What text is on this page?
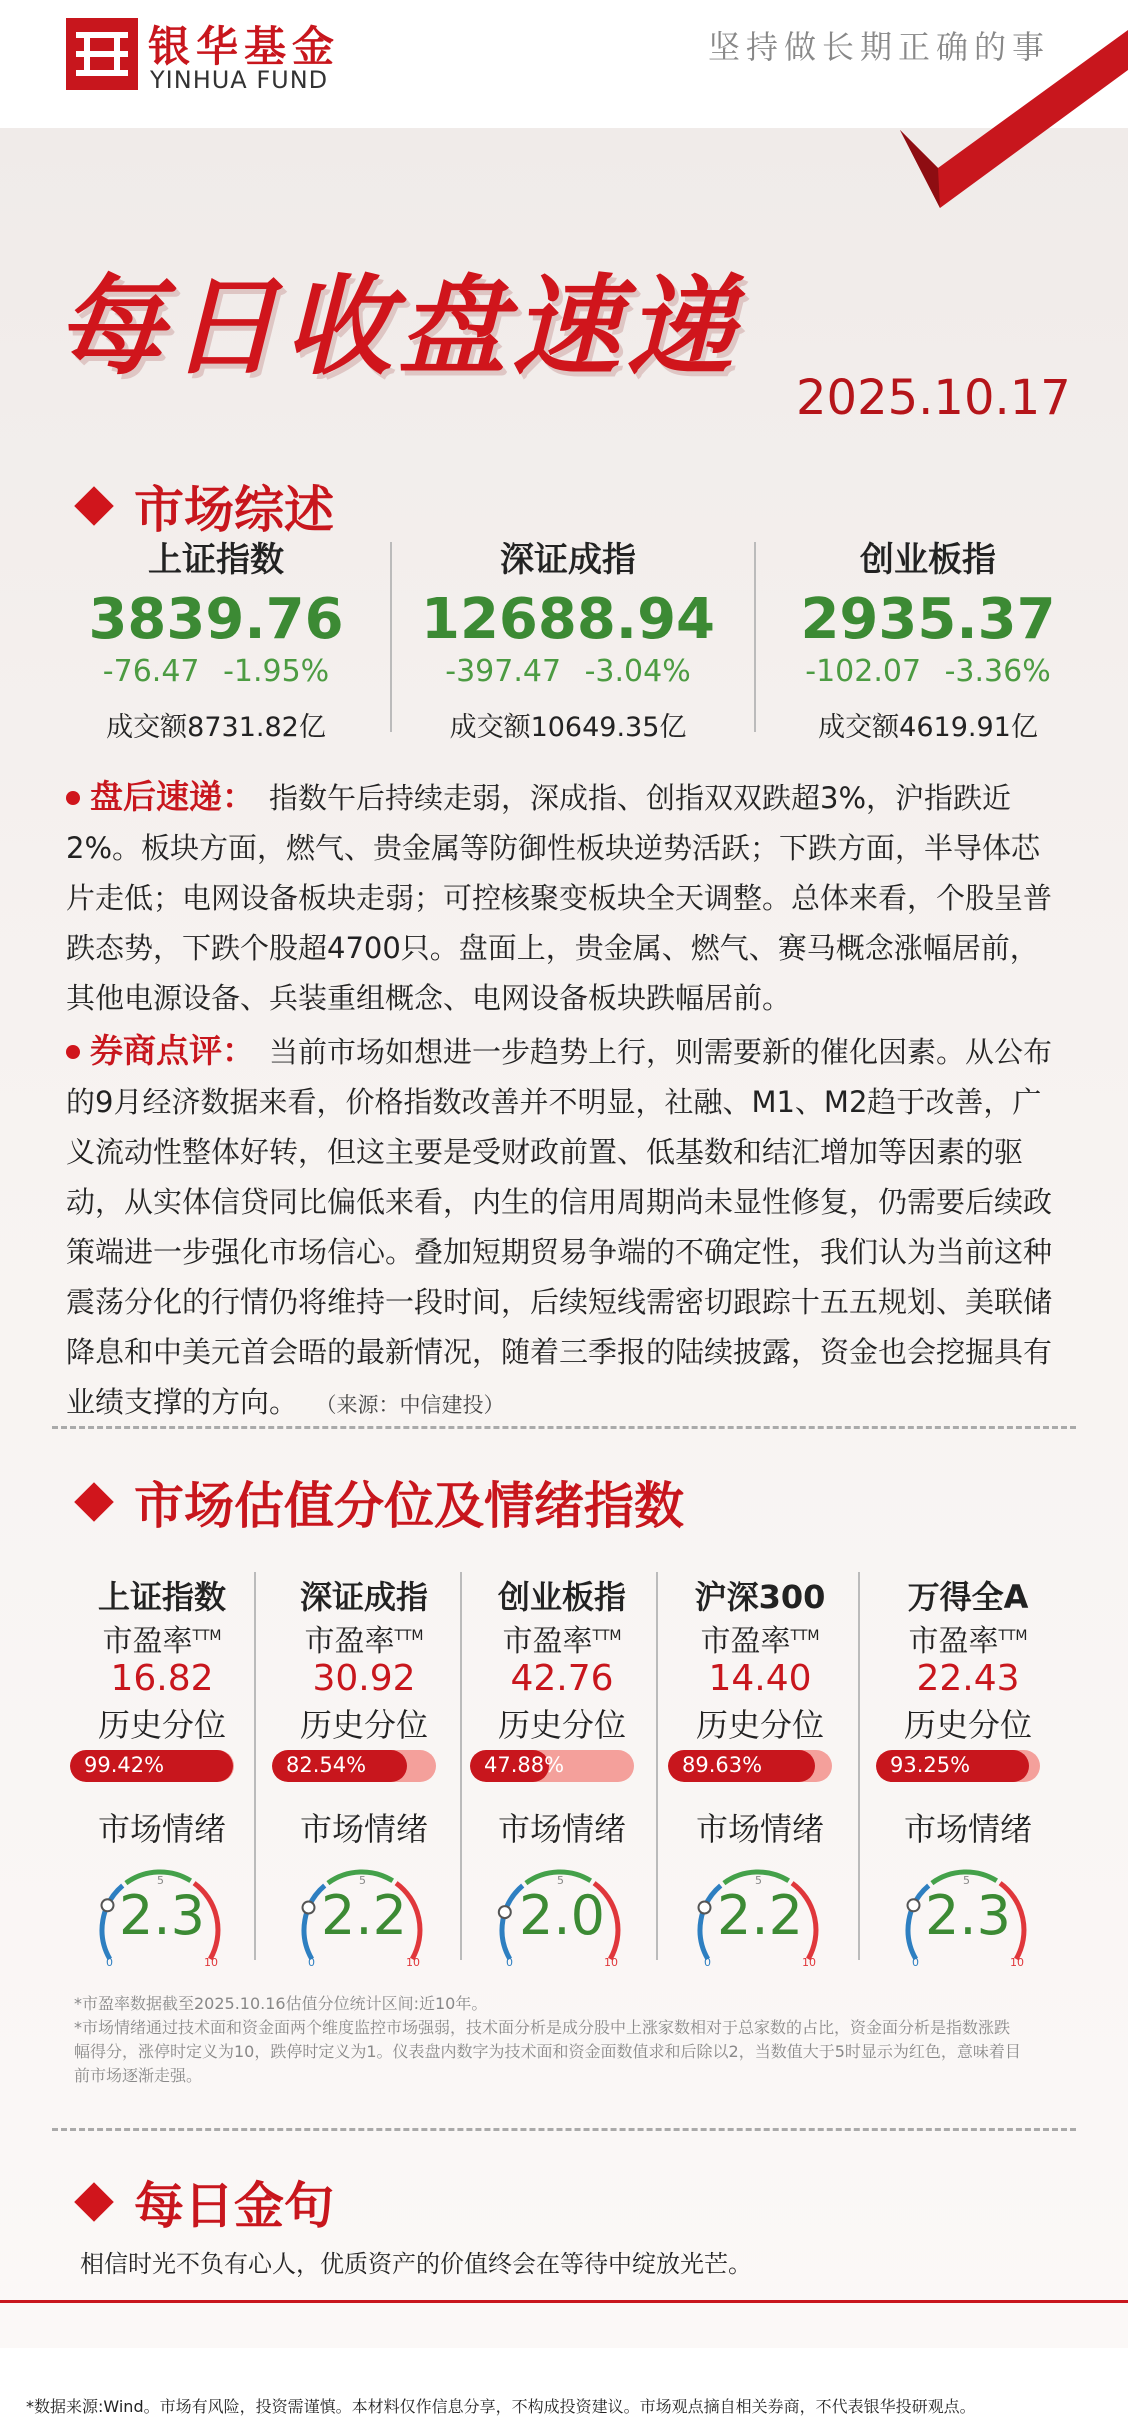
银华基金
YINHUA FUND
坚持做长期正确的事
每日收盘速递
2025.10.17
市场综述
上证指数
3839.76
-76.47 -1.95%
成交额8731.82亿
深证成指
12688.94
-397.47 -3.04%
成交额10649.35亿
创业板指
2935.37
-102.07 -3.36%
成交额4619.91亿
盘后速递： 指数午后持续走弱，深成指、创指双双跌超3%，沪指跌近2%。板块方面，燃气、贵金属等防御性板块逆势活跃；下跌方面，半导体芯片走低；电网设备板块走弱；可控核聚变板块全天调整。总体来看，个股呈普跌态势，下跌个股超4700只。盘面上，贵金属、燃气、赛马概念涨幅居前，其他电源设备、兵装重组概念、电网设备板块跌幅居前。
券商点评： 当前市场如想进一步趋势上行，则需要新的催化因素。从公布的9月经济数据来看，价格指数改善并不明显，社融、M1、M2趋于改善，广义流动性整体好转，但这主要是受财政前置、低基数和结汇增加等因素的驱动，从实体信贷同比偏低来看，内生的信用周期尚未显性修复，仍需要后续政策端进一步强化市场信心。叠加短期贸易争端的不确定性，我们认为当前这种震荡分化的行情仍将维持一段时间，后续短线需密切跟踪十五五规划、美联储降息和中美元首会晤的最新情况，随着三季报的陆续披露，资金也会挖掘具有业绩支撑的方向。 （来源：中信建投）
市场估值分位及情绪指数
上证指数
市盈率$^{TTM}$
16.82
历史分位
99.42%
市场情绪
0
5
10
2.3
深证成指
市盈率$^{TTM}$
30.92
历史分位
82.54%
市场情绪
0
5
10
2.2
创业板指
市盈率$^{TTM}$
42.76
历史分位
47.88%
市场情绪
0
5
10
2.0
沪深300
市盈率$^{TTM}$
14.40
历史分位
89.63%
市场情绪
0
5
10
2.2
万得全A
市盈率$^{TTM}$
22.43
历史分位
93.25%
市场情绪
0
5
10
2.3
*市盈率数据截至2025.10.16估值分位统计区间:近10年。
*市场情绪通过技术面和资金面两个维度监控市场强弱，技术面分析是成分股中上涨家数相对于总家数的占比，资金面分析是指数涨跌幅得分，涨停时定义为10，跌停时定义为1。仪表盘内数字为技术面和资金面数值求和后除以2，当数值大于5时显示为红色，意味着目前市场逐渐走强。
每日金句
相信时光不负有心人，优质资产的价值终会在等待中绽放光芒。
*数据来源:Wind。市场有风险，投资需谨慎。本材料仅作信息分享，不构成投资建议。市场观点摘自相关券商，不代表银华投研观点。
